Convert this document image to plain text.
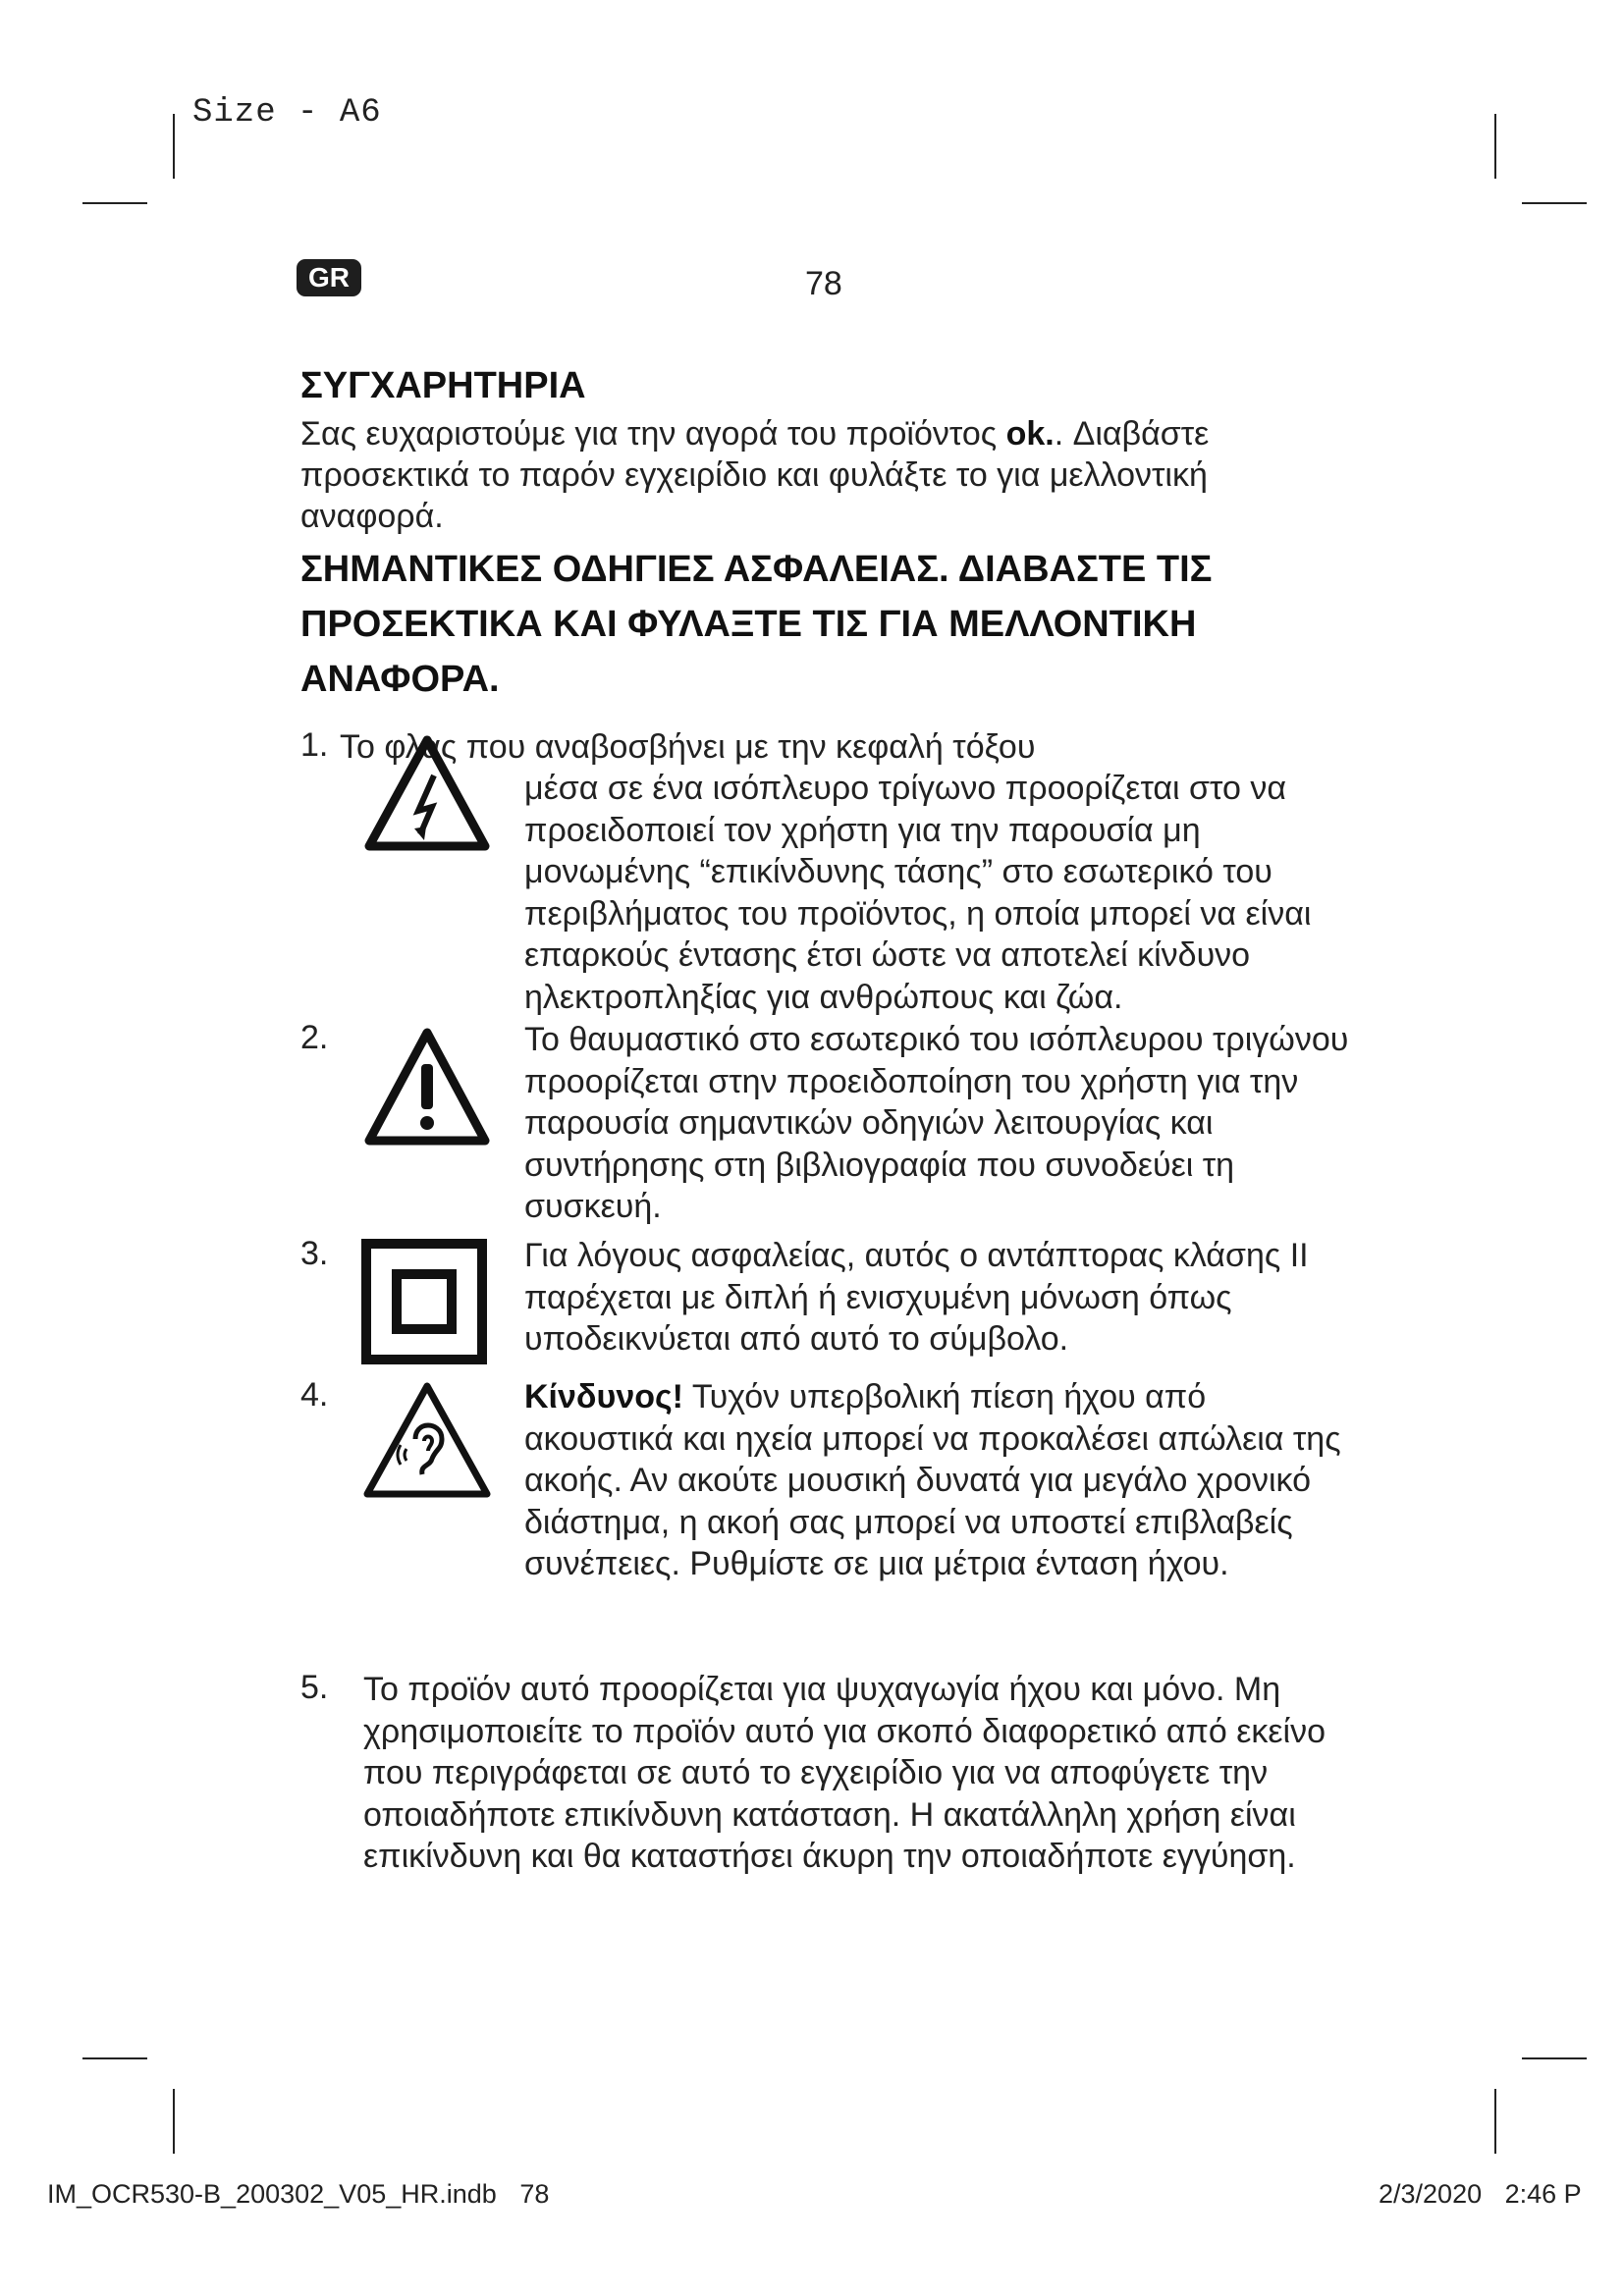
Size - A6
GR	78
ΣΥΓΧΑΡΗΤΗΡΙΑ
Σας ευχαριστούμε για την αγορά του προϊόντος ok.. Διαβάστε προσεκτικά το παρόν εγχειρίδιο και φυλάξτε το για μελλοντική αναφορά.
ΣΗΜΑΝΤΙΚΕΣ ΟΔΗΓΙΕΣ ΑΣΦΑΛΕΙΑΣ. ΔΙΑΒΑΣΤΕ ΤΙΣ ΠΡΟΣΕΚΤΙΚΑ ΚΑΙ ΦΥΛΑΞΤΕ ΤΙΣ ΓΙΑ ΜΕΛΛΟΝΤΙΚΗ ΑΝΑΦΟΡΑ.
1. Το φλας που αναβοσβήνει με την κεφαλή τόξου
μέσα σε ένα ισόπλευρο τρίγωνο προορίζεται στο να προειδοποιεί τον χρήστη για την παρουσία μη μονωμένης “επικίνδυνης τάσης” στο εσωτερικό του περιβλήματος του προϊόντος, η οποία μπορεί να είναι επαρκούς έντασης έτσι ώστε να αποτελεί κίνδυνο ηλεκτροπληξίας για ανθρώπους και ζώα.
2.	Το θαυμαστικό στο εσωτερικό του ισόπλευρου τριγώνου προορίζεται στην προειδοποίηση του χρήστη για την παρουσία σημαντικών οδηγιών λειτουργίας και συντήρησης στη βιβλιογραφία που συνοδεύει τη συσκευή.
3.	Για λόγους ασφαλείας, αυτός ο αντάπτορας κλάσης II παρέχεται με διπλή ή ενισχυμένη μόνωση όπως υποδεικνύεται από αυτό το σύμβολο.
4.	Κίνδυνος! Τυχόν υπερβολική πίεση ήχου από ακουστικά και ηχεία μπορεί να προκαλέσει απώλεια της ακοής. Αν ακούτε μουσική δυνατά για μεγάλο χρονικό διάστημα, η ακοή σας μπορεί να υποστεί επιβλαβείς συνέπειες. Ρυθμίστε σε μια μέτρια ένταση ήχου.
5. Το προϊόν αυτό προορίζεται για ψυχαγωγία ήχου και μόνο. Μη χρησιμοποιείτε το προϊόν αυτό για σκοπό διαφορετικό από εκείνο που περιγράφεται σε αυτό το εγχειρίδιο για να αποφύγετε την οποιαδήποτε επικίνδυνη κατάσταση. Η ακατάλληλη χρήση είναι επικίνδυνη και θα καταστήσει άκυρη την οποιαδήποτε εγγύηση.
IM_OCR530-B_200302_V05_HR.indb 78	2/3/2020 2:46 P
